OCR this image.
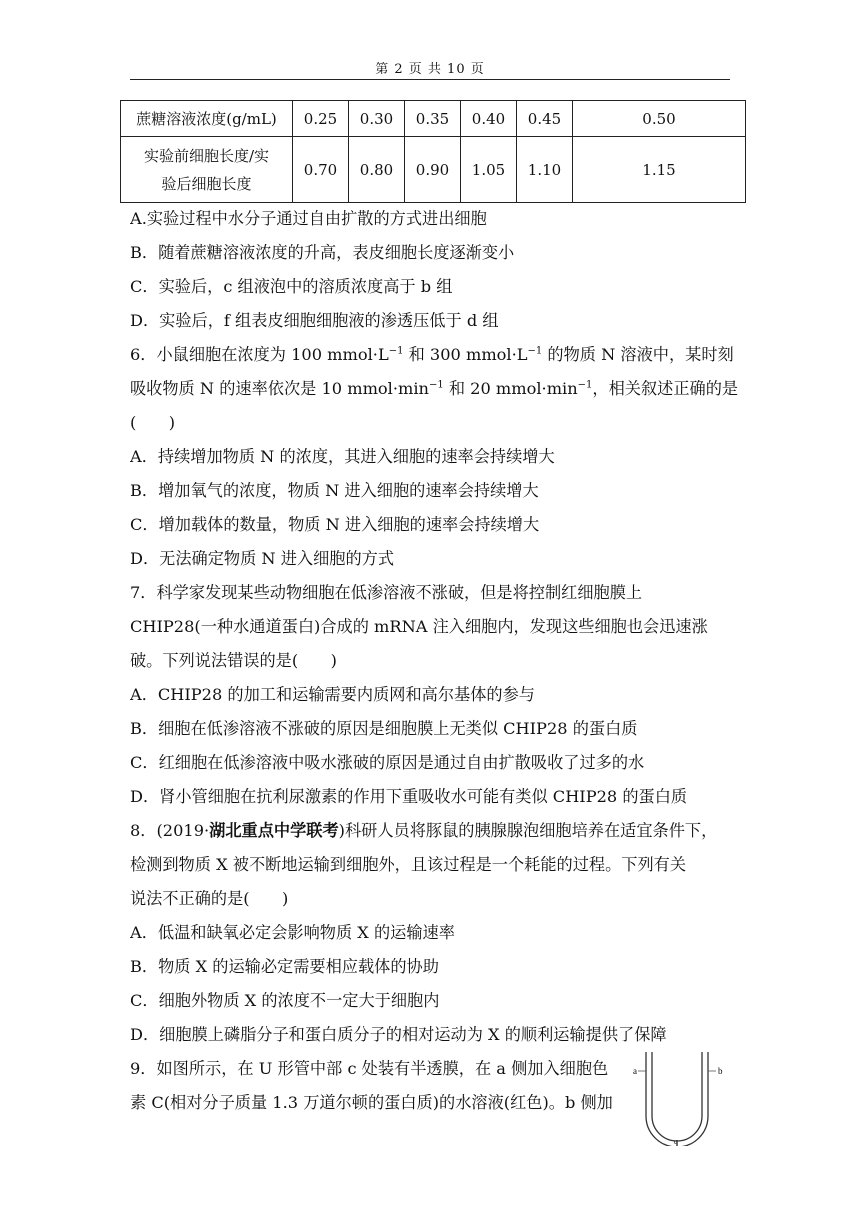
第 2 页 共 10 页
蔗糖溶液浓度(g/mL)	0.25	0.30	0.35	0.40	0.45	0.50

实验前细胞长度/实
验后细胞长度	0.70	0.80	0.90	1.05	1.10	1.15
A.实验过程中水分子通过自由扩散的方式进出细胞
B．随着蔗糖溶液浓度的升高，表皮细胞长度逐渐变小
C．实验后，c 组液泡中的溶质浓度高于 b 组
D．实验后，f 组表皮细胞细胞液的渗透压低于 d 组
6．小鼠细胞在浓度为 100 $mmol\cdot L^{-1}$ 和 300 $mmol\cdot L^{-1}$ 的物质 N 溶液中，某时刻
吸收物质 N 的速率依次是 10 $mmol\cdot\min^{-1}$ 和 20 $mmol\cdot\min^{-1}$，相关叙述正确的是
(　　)
A．持续增加物质 N 的浓度，其进入细胞的速率会持续增大
B．增加氧气的浓度，物质 N 进入细胞的速率会持续增大
C．增加载体的数量，物质 N 进入细胞的速率会持续增大
D．无法确定物质 N 进入细胞的方式
7．科学家发现某些动物细胞在低渗溶液不涨破，但是将控制红细胞膜上
CHIP28(一种水通道蛋白)合成的 mRNA 注入细胞内，发现这些细胞也会迅速涨
破。下列说法错误的是(　　)
A．CHIP28 的加工和运输需要内质网和高尔基体的参与
B．细胞在低渗溶液不涨破的原因是细胞膜上无类似 CHIP28 的蛋白质
C．红细胞在低渗溶液中吸水涨破的原因是通过自由扩散吸收了过多的水
D．肾小管细胞在抗利尿激素的作用下重吸收水可能有类似 CHIP28 的蛋白质
8．(2019·湖北重点中学联考)科研人员将豚鼠的胰腺腺泡细胞培养在适宜条件下，
检测到物质 X 被不断地运输到细胞外，且该过程是一个耗能的过程。下列有关
说法不正确的是(　　)
A．低温和缺氧必定会影响物质 X 的运输速率
B．物质 X 的运输必定需要相应载体的协助
C．细胞外物质 X 的浓度不一定大于细胞内
D．细胞膜上磷脂分子和蛋白质分子的相对运动为 X 的顺利运输提供了保障
9．如图所示，在 U 形管中部 c 处装有半透膜，在 a 侧加入细胞色
素 C(相对分子质量 1.3 万道尔顿的蛋白质)的水溶液(红色)。b 侧加
a	b
c
